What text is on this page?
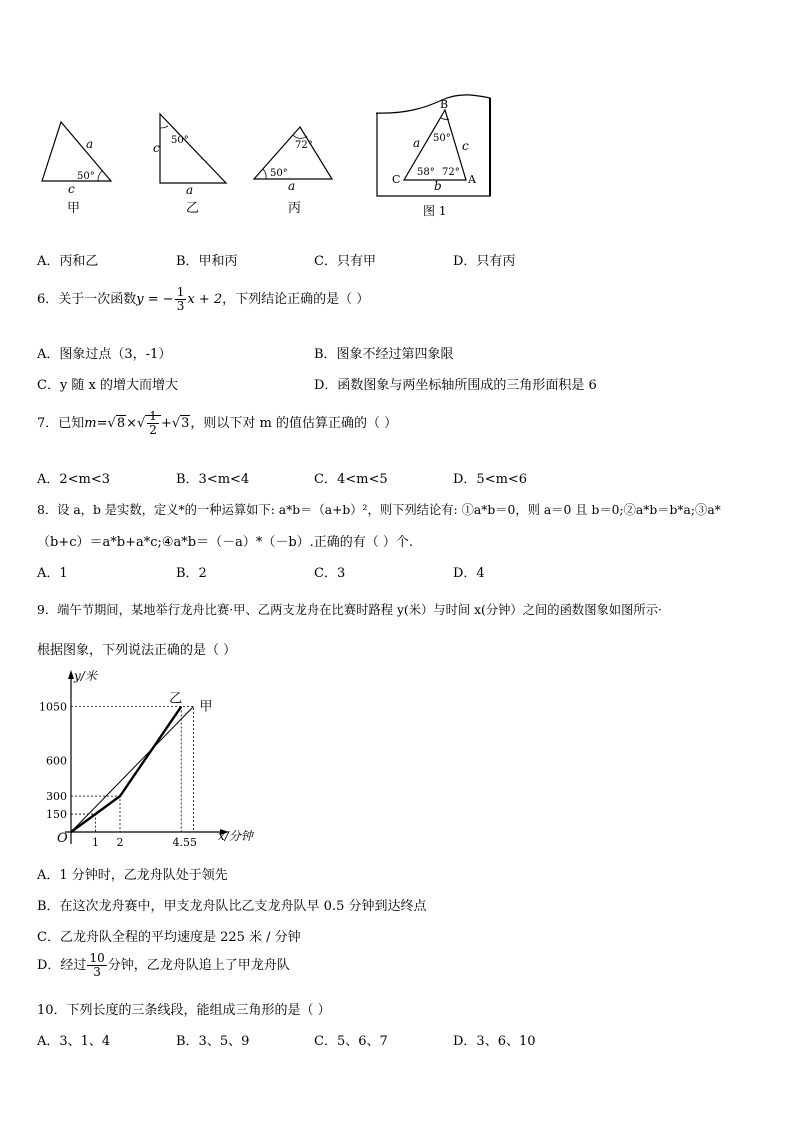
a
c
50°
甲
c
a
50°
乙
72°
50°
a
丙
B
C	A
a	c
b
50°
58° 72°
图 1
A．丙和乙	B．甲和丙	C．只有甲	D．只有丙
6．关于一次函数y = − $\frac{1}{3}$ x + 2，下列结论正确的是（ ）
A．图象过点（3，-1）	B．图象不经过第四象限
C．y 随 x 的增大而增大	D．函数图象与两坐标轴所围成的三角形面积是 6
7．已知$m=√8\times√ \frac{1}{2} +√3$，则以下对 m 的值估算正确的（ ）
A．2<m<3	B．3<m<4	C．4<m<5	D．5<m<6
8．设 a，b 是实数，定义*的一种运算如下: a*b＝（a+b）²，则下列结论有: ①a*b＝0，则 a＝0 且 b＝0;②a*b＝b*a;③a*
（b+c）＝a*b+a*c;④a*b＝（－a）*（－b）.正确的有（ ）个.
A．1	B．2	C．3	D．4
9．端午节期间，某地举行龙舟比赛·甲、乙两支龙舟在比赛时路程 y(米）与时间 x(分钟）之间的函数图象如图所示·
根据图象，下列说法正确的是（ ）
y/米
x/分钟
O 1 2	4.5 5
150
300
600
1050	甲
乙
A．1 分钟时，乙龙舟队处于领先
B．在这次龙舟赛中，甲支龙舟队比乙支龙舟队早 0.5 分钟到达终点
C．乙龙舟队全程的平均速度是 225 米 / 分钟
D．经过 $\frac{10}{3}$ 分钟，乙龙舟队追上了甲龙舟队
10．下列长度的三条线段，能组成三角形的是（ ）
A．3、1、4	B．3、5、9	C．5、6、7	D．3、6、10
